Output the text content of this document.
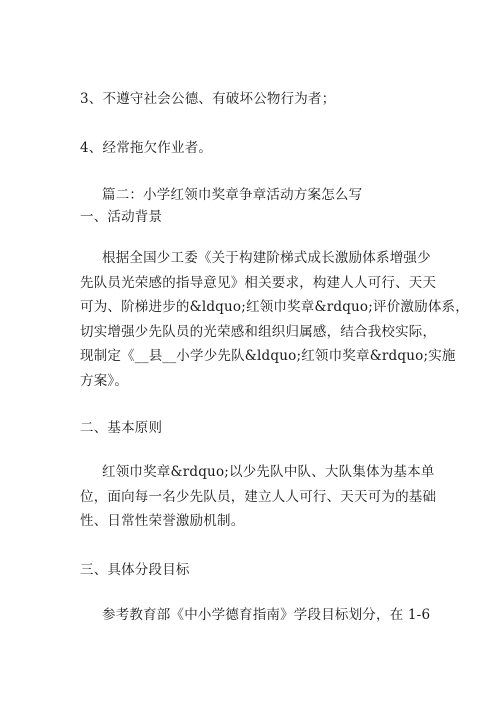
3、不遵守社会公德、有破坏公物行为者；
4、经常拖欠作业者。
篇二：小学红领巾奖章争章活动方案怎么写
一、活动背景
根据全国少工委《关于构建阶梯式成长激励体系增强少
先队员光荣感的指导意见》相关要求，构建人人可行、天天
可为、阶梯进步的&ldquo;红领巾奖章&rdquo;评价激励体系，
切实增强少先队员的光荣感和组织归属感，结合我校实际，
现制定《__县__小学少先队&ldquo;红领巾奖章&rdquo;实施
方案》。
二、基本原则
红领巾奖章&rdquo;以少先队中队、大队集体为基本单
位，面向每一名少先队员，建立人人可行、天天可为的基础
性、日常性荣誉激励机制。
三、具体分段目标
参考教育部《中小学德育指南》学段目标划分，在 1-6
